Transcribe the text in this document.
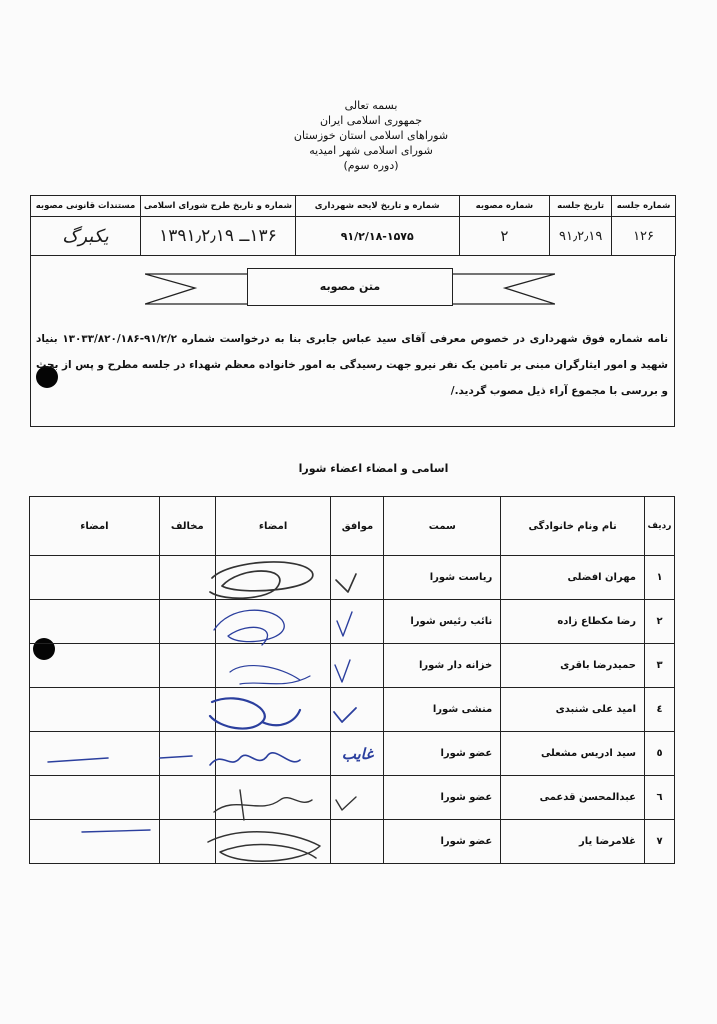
بسمه تعالی
جمهوری اسلامی ایران
شوراهای اسلامی استان خوزستان
شورای اسلامی شهر امیدیه
(دوره سوم)
شماره جلسه	تاریخ جلسه	شماره مصوبه	شماره و تاریخ لایحه شهرداری	شماره و تاریخ طرح شورای اسلامی	مستندات قانونی مصوبه
۱۲۶	۹۱٫۲٫۱۹	۲	۹۱/۲/۱۸-۱۵۷۵	۱۳۶ــ ۱۳۹۱٫۲٫۱۹	یکبرگ
متن مصوبه
نامه شماره فوق شهرداری در خصوص معرفی آقای سید عباس جابری بنا به درخواست شماره ۹۱/۲/۲-۱۳۰۳۳/۸۲۰/۱۸۶ بنیاد شهید و امور ایثارگران مبنی بر تامین یک نفر نیرو جهت رسیدگی به امور خانواده معظم شهداء در جلسه مطرح و پس از بحث و بررسی با مجموع آراء ذیل مصوب گردید./
اسامی و امضاء اعضاء شورا
ردیف	نام ونام خانوادگی	سمت	موافق	امضاء	مخالف	امضاء
۱	مهران افضلی	ریاست شورا				
۲	رضا مکطاع زاده	نائب رئیس شورا				
۳	حمیدرضا باقری	خزانه دار شورا				
٤	امید علی شنبدی	منشی شورا				
٥	سید ادریس مشعلی	عضو شورا	غایب			
٦	عبدالمحسن قدعمی	عضو شورا				
۷	غلامرضا یار	عضو شورا				
